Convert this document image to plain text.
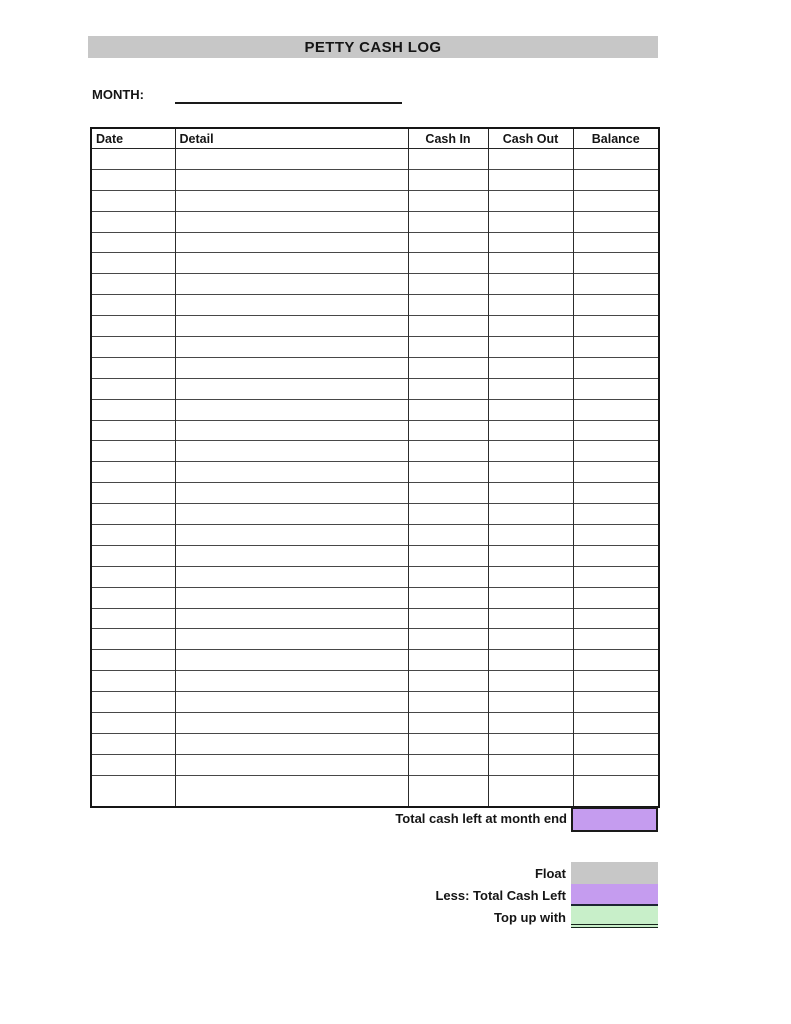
PETTY CASH LOG
MONTH:
Date	Detail	Cash In	Cash Out	Balance

Total cash left at month end
Float
Less: Total Cash Left
Top up with
